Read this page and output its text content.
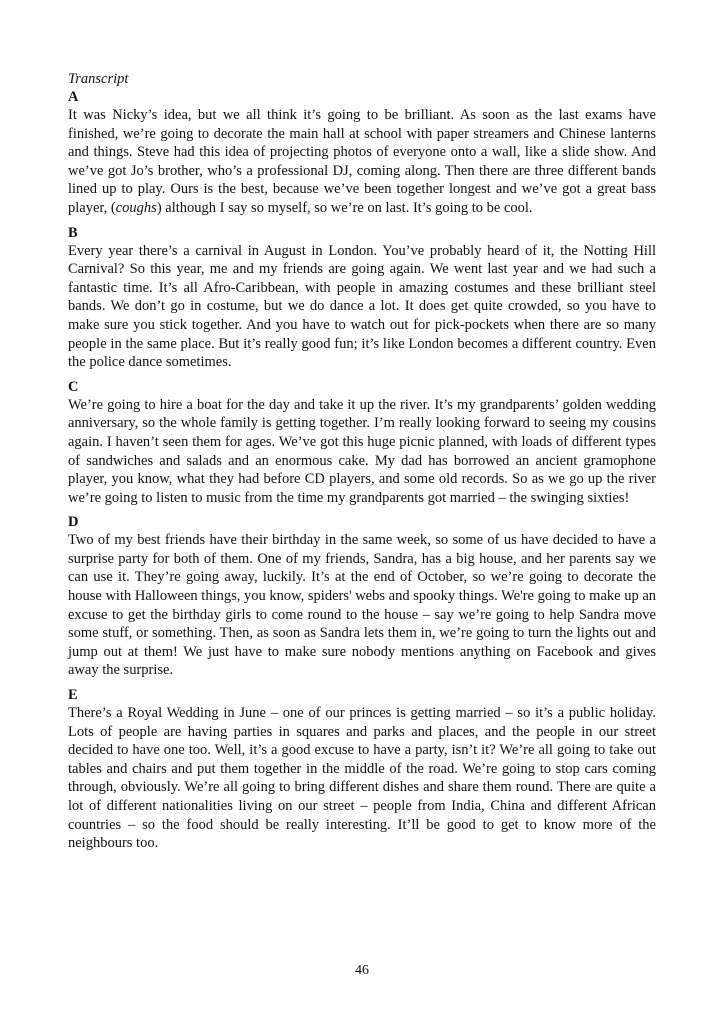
Transcript

A

It was Nicky’s idea, but we all think it’s going to be brilliant. As soon as the last exams have finished, we’re going to decorate the main hall at school with paper streamers and Chinese lanterns and things. Steve had this idea of projecting photos of everyone onto a wall, like a slide show. And we’ve got Jo’s brother, who’s a professional DJ, coming along. Then there are three different bands lined up to play. Ours is the best, because we’ve been together longest and we’ve got a great bass player, (coughs) although I say so myself, so we’re on last. It’s going to be cool.

B

Every year there’s a carnival in August in London. You’ve probably heard of it, the Notting Hill Carnival? So this year, me and my friends are going again. We went last year and we had such a fantastic time. It’s all Afro-Caribbean, with people in amazing costumes and these brilliant steel bands. We don’t go in costume, but we do dance a lot. It does get quite crowded, so you have to make sure you stick together. And you have to watch out for pick-pockets when there are so many people in the same place. But it’s really good fun; it’s like London becomes a different country. Even the police dance sometimes.

C

We’re going to hire a boat for the day and take it up the river. It’s my grandparents’ golden wedding anniversary, so the whole family is getting together. I’m really looking forward to seeing my cousins again. I haven’t seen them for ages. We’ve got this huge picnic planned, with loads of different types of sandwiches and salads and an enormous cake. My dad has borrowed an ancient gramophone player, you know, what they had before CD players, and some old records. So as we go up the river we’re going to listen to music from the time my grandparents got married – the swinging sixties!

D

Two of my best friends have their birthday in the same week, so some of us have decided to have a surprise party for both of them. One of my friends, Sandra, has a big house, and her parents say we can use it. They’re going away, luckily. It’s at the end of October, so we’re going to decorate the house with Halloween things, you know, spiders' webs and spooky things. We're going to make up an excuse to get the birthday girls to come round to the house – say we’re going to help Sandra move some stuff, or something. Then, as soon as Sandra lets them in, we’re going to turn the lights out and jump out at them! We just have to make sure nobody mentions anything on Facebook and gives away the surprise.

E

There’s a Royal Wedding in June – one of our princes is getting married – so it’s a public holiday. Lots of people are having parties in squares and parks and places, and the people in our street decided to have one too. Well, it’s a good excuse to have a party, isn’t it? We’re all going to take out tables and chairs and put them together in the middle of the road. We’re going to stop cars coming through, obviously. We’re all going to bring different dishes and share them round. There are quite a lot of different nationalities living on our street – people from India, China and different African countries – so the food should be really interesting. It’ll be good to get to know more of the neighbours too.

46
